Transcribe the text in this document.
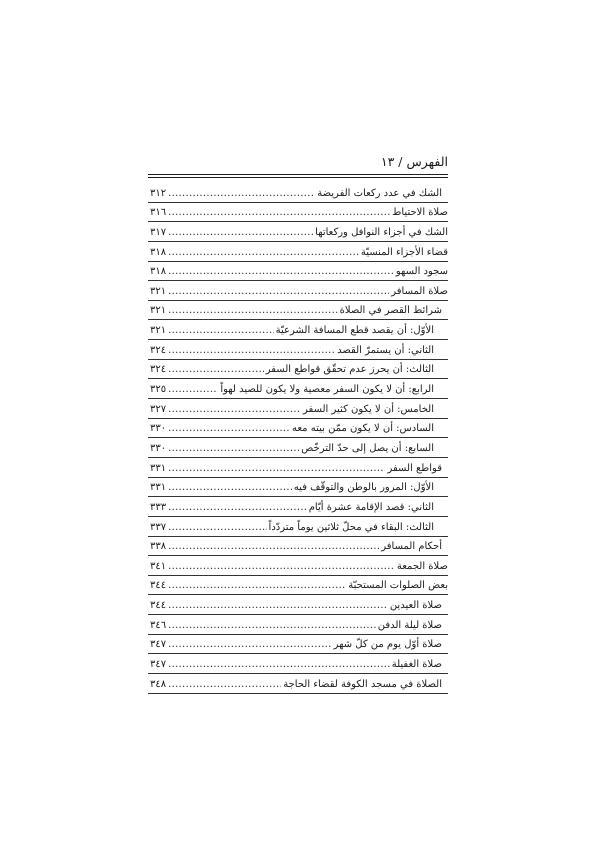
الفهرس / ١٣
الشك في عدد ركعات الفريضة
.....
٣١٢
صلاة الاحتياط
.....
٣١٦
الشك في أجزاء النوافل وركعاتها
.....
٣١٧
قضاء الأجزاء المنسيّة
.....
٣١٨
سجود السهو
.....
٣١٨
صلاة المسافر
.....
٣٢١
شرائط القصر في الصلاة
.....
٣٢١
الأوّل: أن يقصد قطع المسافة الشرعيّة
.....
٣٢١
الثاني: أن يستمرّ القصد
.....
٣٢٤
الثالث: أن يحرز عدم تحقّق قواطع السفر
.....
٣٢٤
الرابع: أن لا يكون السفر معصية ولا يكون للصيد لهواً
.....
٣٢٥
الخامس: أن لا يكون كثير السفر
.....
٣٢٧
السادس: أن لا يكون ممّن بيته معه
.....
٣٣٠
السابع: أن يصل إلى حدّ الترخّص
.....
٣٣٠
قواطع السفر
.....
٣٣١
الأوّل: المرور بالوطن والتوقّف فيه
.....
٣٣١
الثاني: قصد الإقامة عشرة أيّام
.....
٣٣٣
الثالث: البقاء في محلّ ثلاثين يوماً متردّداً
.....
٣٣٧
أحكام المسافر
.....
٣٣٨
صلاة الجمعة
.....
٣٤١
بعض الصلوات المستحبّة
.....
٣٤٤
صلاة العيدين
.....
٣٤٤
صلاة ليلة الدفن
.....
٣٤٦
صلاة أوّل يوم من كلّ شهر
.....
٣٤٧
صلاة الغفيلة
.....
٣٤٧
الصلاة في مسجد الكوفة لقضاء الحاجة
.....
٣٤٨
